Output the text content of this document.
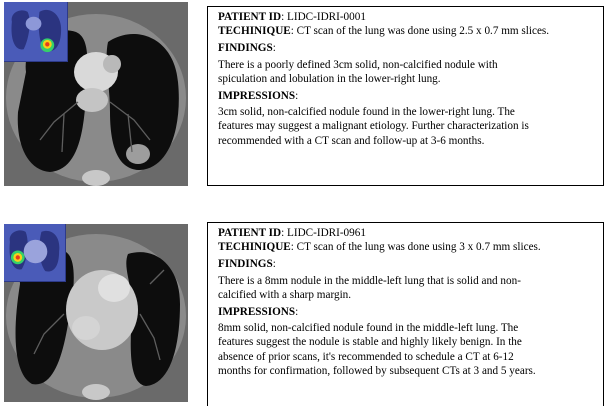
PATIENT ID: LIDC-IDRI-0001

TECHINIQUE: CT scan of the lung was done using 2.5 x 0.7 mm slices.

FINDINGS:

There is a poorly defined 3cm solid, non-calcified nodule with

spiculation and lobulation in the lower-right lung.

IMPRESSIONS:

3cm solid, non-calcified nodule found in the lower-right lung. The

features may suggest a malignant etiology. Further characterization is

recommended with a CT scan and follow-up at 3-6 months.

PATIENT ID: LIDC-IDRI-0961

TECHINIQUE: CT scan of the lung was done using 3 x 0.7 mm slices.

FINDINGS:

There is a 8mm nodule in the middle-left lung that is solid and non-

calcified with a sharp margin.

IMPRESSIONS:

8mm solid, non-calcified nodule found in the middle-left lung. The

features suggest the nodule is stable and highly likely benign. In the

absence of prior scans, it's recommended to schedule a CT at 6-12

months for confirmation, followed by subsequent CTs at 3 and 5 years.
